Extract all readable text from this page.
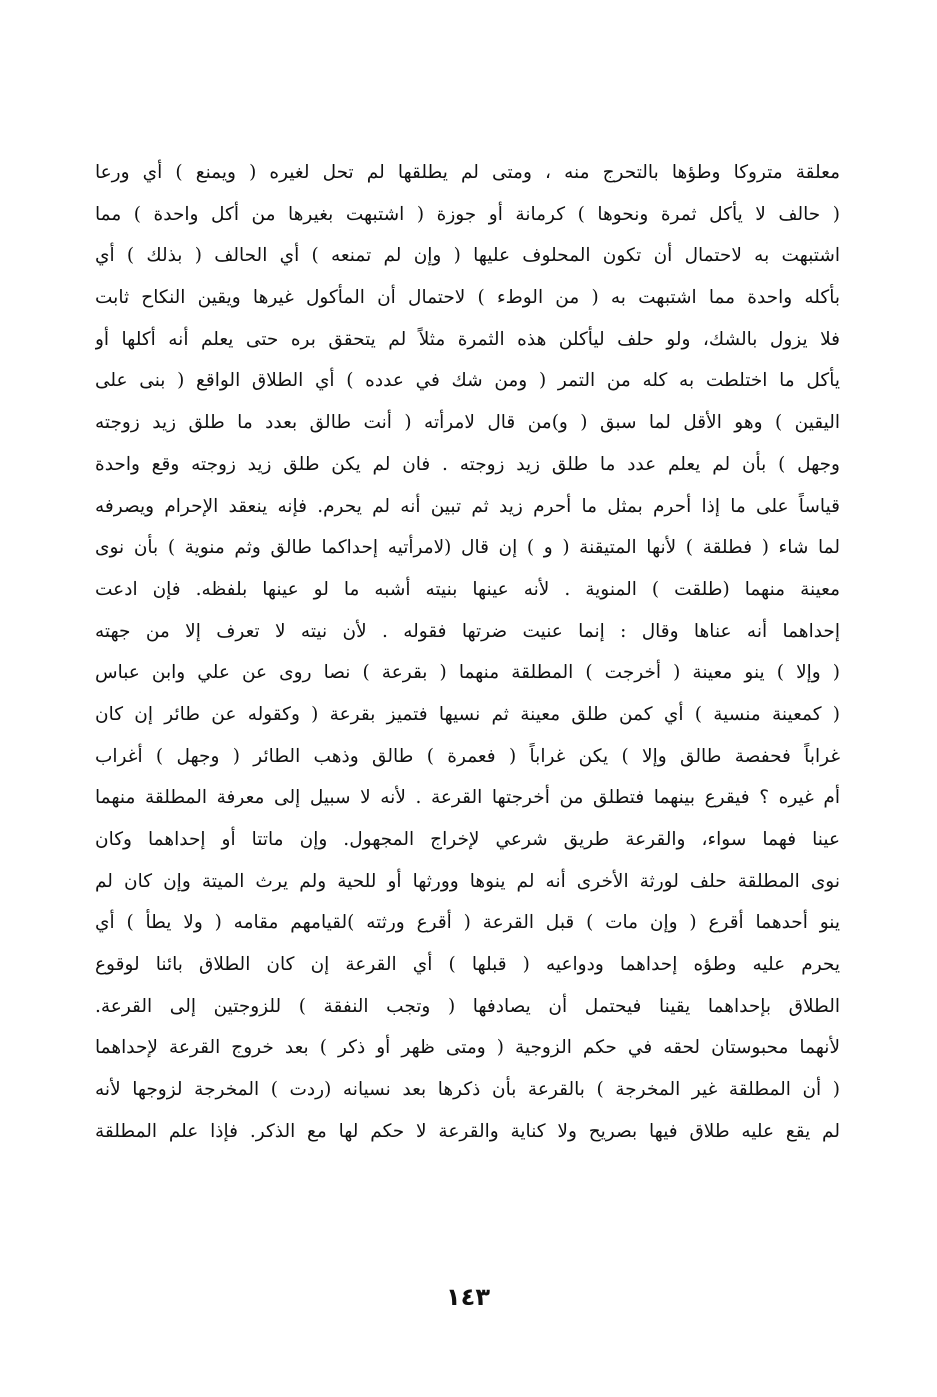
معلقة متروكا وطؤها بالتحرج منه ، ومتى لم يطلقها لم تحل لغيره ( ويمنع ) أي ورعا
( حالف لا يأكل ثمرة ونحوها ) كرمانة أو جوزة ( اشتبهت بغيرها من أكل واحدة ) مما
اشتبهت به لاحتمال أن تكون المحلوف عليها ( وإن لم تمنعه ) أي الحالف ( بذلك ) أي
بأكله واحدة مما اشتبهت به ( من الوطء ) لاحتمال أن المأكول غيرها ويقين النكاح ثابت
فلا يزول بالشك، ولو حلف ليأكلن هذه الثمرة مثلاً لم يتحقق بره حتى يعلم أنه أكلها أو
يأكل ما اختلطت به كله من التمر ( ومن شك في عدده ) أي الطلاق الواقع ( بنى على
اليقين ) وهو الأقل لما سبق ( و)من قال لامرأته ( أنت طالق بعدد ما طلق زيد زوجته
وجهل ) بأن لم يعلم عدد ما طلق زيد زوجته . فان لم يكن طلق زيد زوجته وقع واحدة
قياساً على ما إذا أحرم بمثل ما أحرم زيد ثم تبين أنه لم يحرم. فإنه ينعقد الإحرام ويصرفه
لما شاء ( فطلقة ) لأنها المتيقنة ( و ) إن قال (لامرأتيه إحداكما طالق وثم منوية ) بأن نوى
معينة منهما (طلقت ) المنوية . لأنه عينها بنيته أشبه ما لو عينها بلفظه. فإن ادعت
إحداهما أنه عناها وقال : إنما عنيت ضرتها فقوله . لأن نيته لا تعرف إلا من جهته
( وإلا ) ينو معينة ( أخرجت ) المطلقة منهما ( بقرعة ) نصا روى عن علي وابن عباس
( كمعينة منسية ) أي كمن طلق معينة ثم نسيها فتميز بقرعة ( وكقوله عن طائر إن كان
غراباً فحفصة طالق وإلا ) يكن غراباً ( فعمرة ) طالق وذهب الطائر ( وجهل ) أغراب
أم غيره ؟ فيقرع بينهما فتطلق من أخرجتها القرعة . لأنه لا سبيل إلى معرفة المطلقة منهما
عينا فهما سواء، والقرعة طريق شرعي لإخراج المجهول. وإن ماتتا أو إحداهما وكان
نوى المطلقة حلف لورثة الأخرى أنه لم ينوها وورثها أو للحية ولم يرث الميتة وإن كان لم
ينو أحدهما أقرع ( وإن مات ) قبل القرعة ( أقرع ورثته )لقيامهم مقامه ( ولا يطأ ) أي
يحرم عليه وطؤه إحداهما ودواعيه ( قبلها ) أي القرعة إن كان الطلاق بائنا لوقوع
الطلاق بإحداهما يقينا فيحتمل أن يصادفها ( وتجب النفقة ) للزوجتين إلى القرعة.
لأنهما محبوستان لحقه في حكم الزوجية ( ومتى ظهر أو ذكر ) بعد خروج القرعة لإحداهما
( أن المطلقة غير المخرجة ) بالقرعة بأن ذكرها بعد نسيانه (ردت ) المخرجة لزوجها لأنه
لم يقع عليه طلاق فيها بصريح ولا كناية والقرعة لا حكم لها مع الذكر. فإذا علم المطلقة
١٤٣
